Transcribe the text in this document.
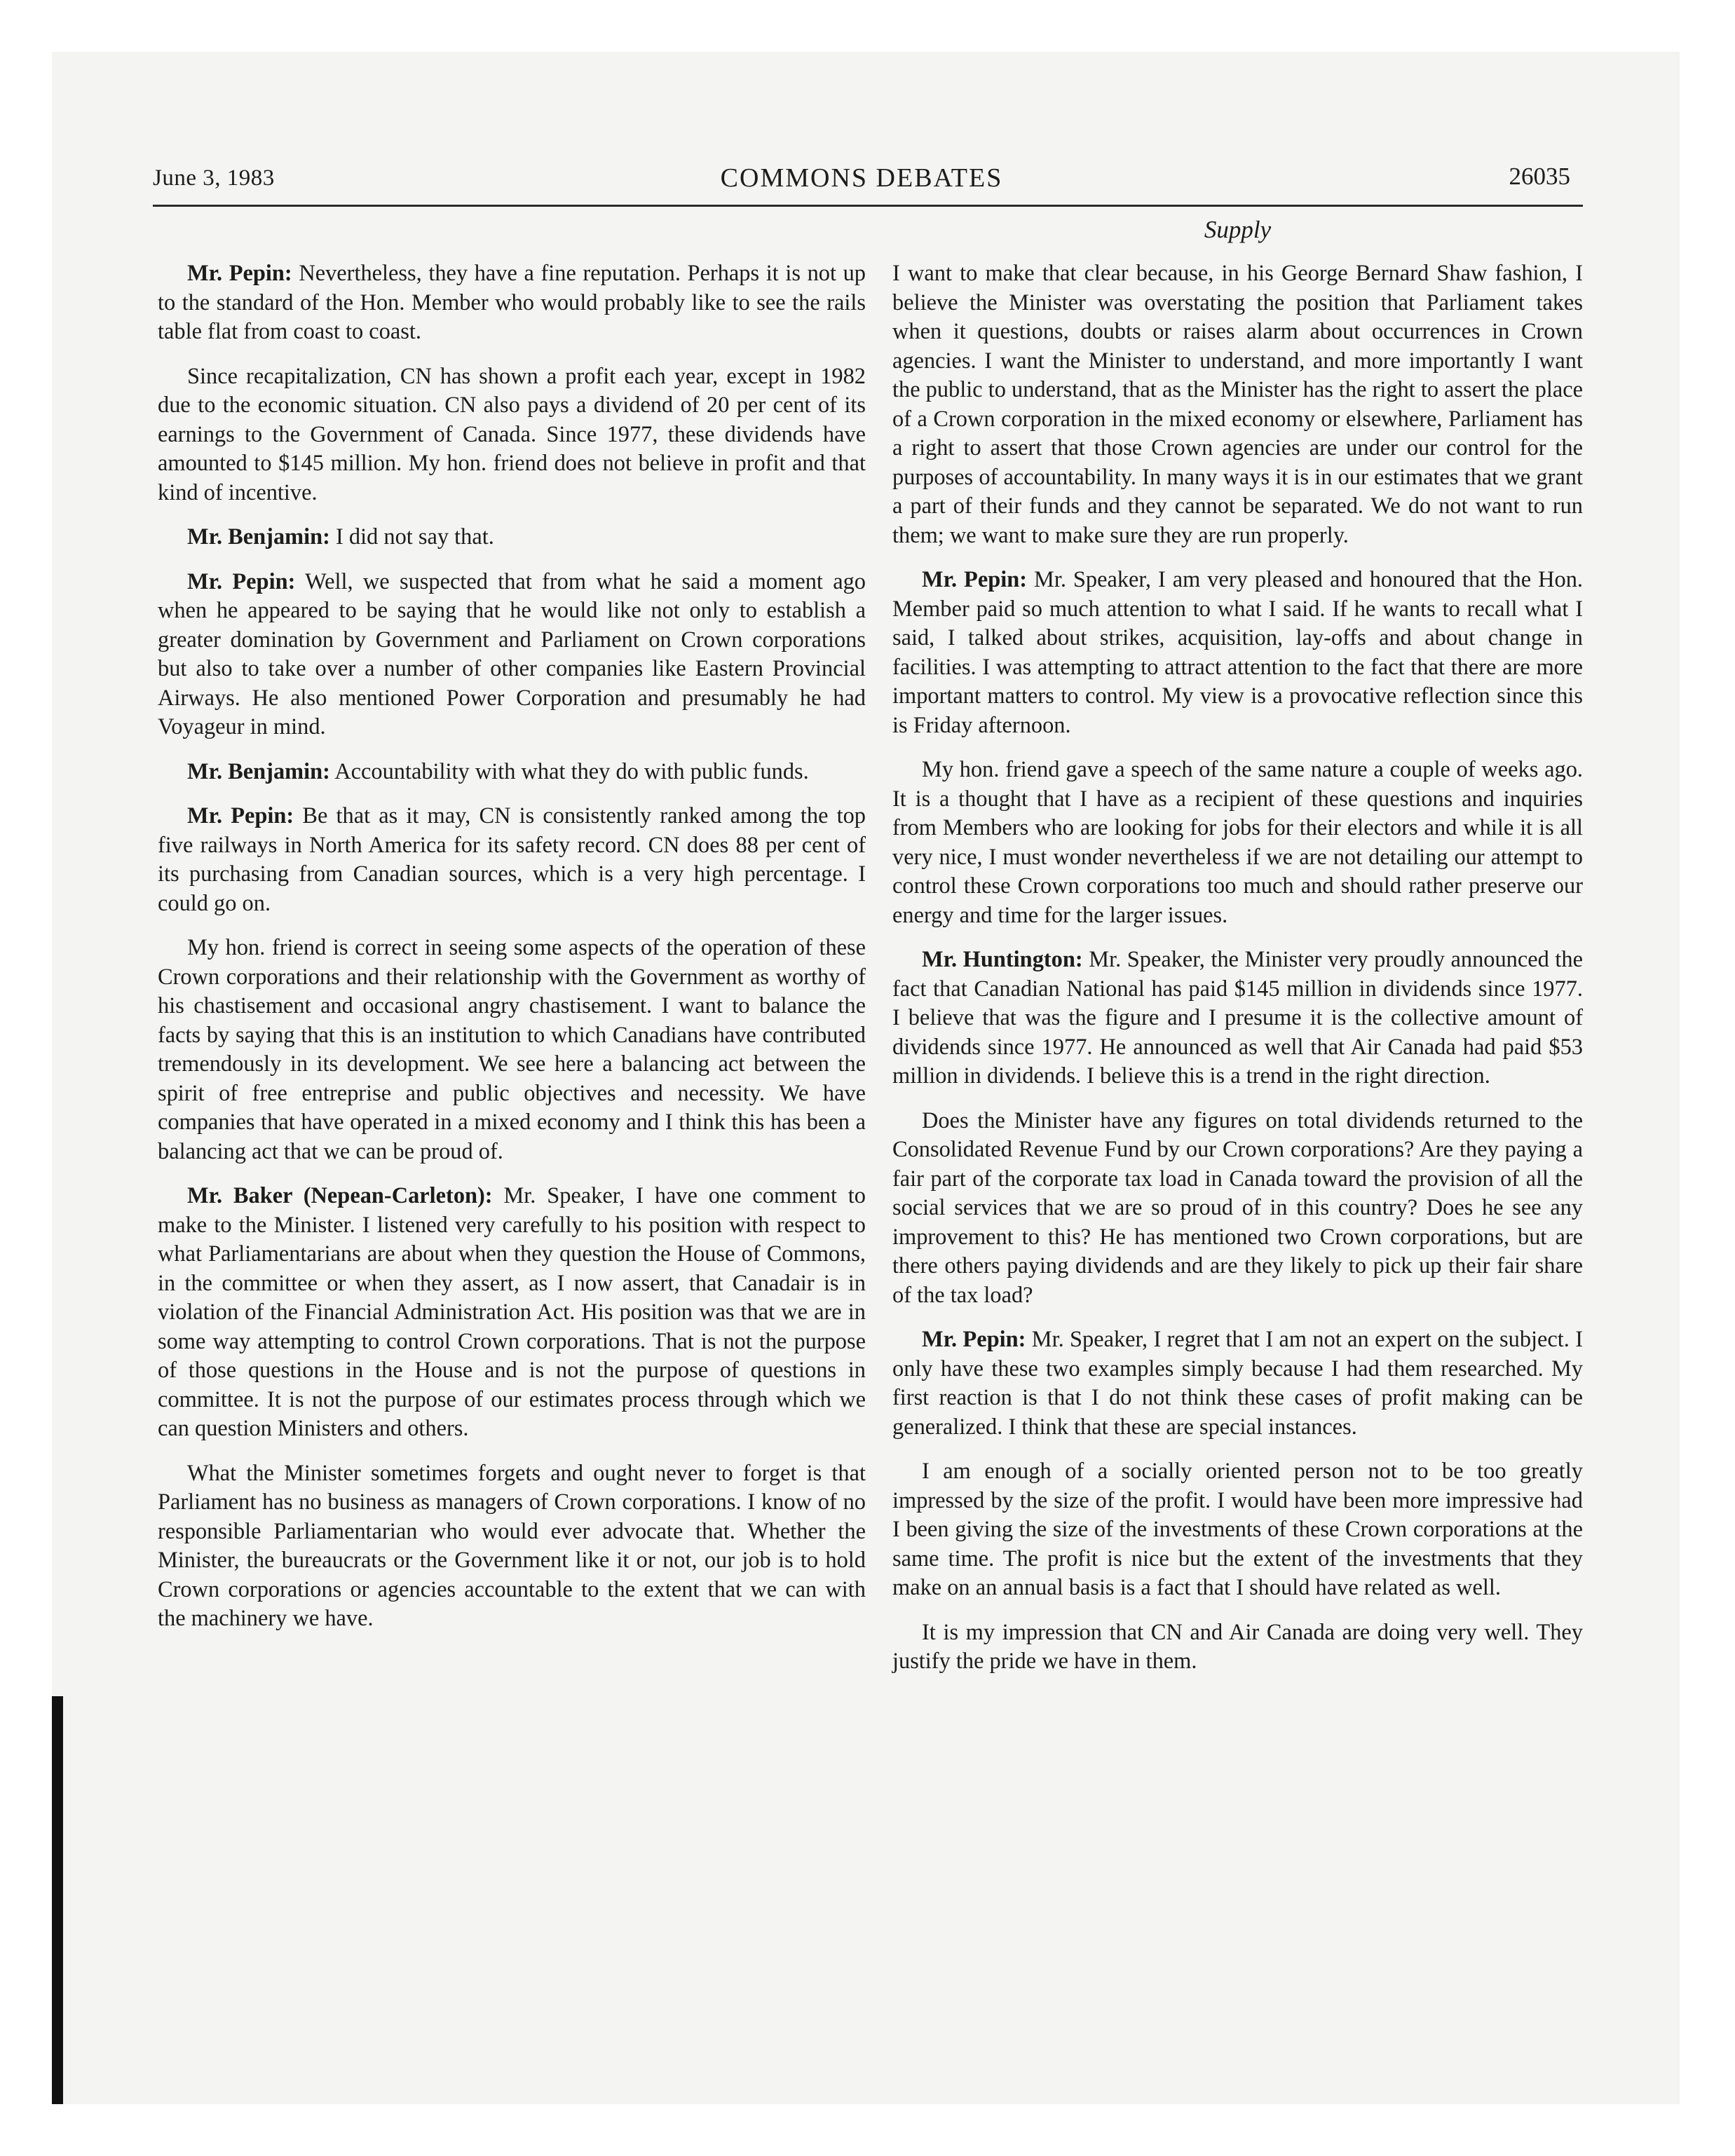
June 3, 1983	COMMONS DEBATES	26035
Supply

Mr. Pepin: Nevertheless, they have a fine reputation. Perhaps it is not up to the standard of the Hon. Member who would probably like to see the rails table flat from coast to coast.

Since recapitalization, CN has shown a profit each year, except in 1982 due to the economic situation. CN also pays a dividend of 20 per cent of its earnings to the Government of Canada. Since 1977, these dividends have amounted to $145 million. My hon. friend does not believe in profit and that kind of incentive.

Mr. Benjamin: I did not say that.

Mr. Pepin: Well, we suspected that from what he said a moment ago when he appeared to be saying that he would like not only to establish a greater domination by Government and Parliament on Crown corporations but also to take over a number of other companies like Eastern Provincial Airways. He also mentioned Power Corporation and presumably he had Voyageur in mind.

Mr. Benjamin: Accountability with what they do with public funds.

Mr. Pepin: Be that as it may, CN is consistently ranked among the top five railways in North America for its safety record. CN does 88 per cent of its purchasing from Canadian sources, which is a very high percentage. I could go on.

My hon. friend is correct in seeing some aspects of the operation of these Crown corporations and their relationship with the Government as worthy of his chastisement and occasional angry chastisement. I want to balance the facts by saying that this is an institution to which Canadians have contributed tremendously in its development. We see here a balancing act between the spirit of free entreprise and public objectives and necessity. We have companies that have operated in a mixed economy and I think this has been a balancing act that we can be proud of.

Mr. Baker (Nepean-Carleton): Mr. Speaker, I have one comment to make to the Minister. I listened very carefully to his position with respect to what Parliamentarians are about when they question the House of Commons, in the committee or when they assert, as I now assert, that Canadair is in violation of the Financial Administration Act. His position was that we are in some way attempting to control Crown corporations. That is not the purpose of those questions in the House and is not the purpose of questions in committee. It is not the purpose of our estimates process through which we can question Ministers and others.

What the Minister sometimes forgets and ought never to forget is that Parliament has no business as managers of Crown corporations. I know of no responsible Parliamentarian who would ever advocate that. Whether the Minister, the bureaucrats or the Government like it or not, our job is to hold Crown corporations or agencies accountable to the extent that we can with the machinery we have.

I want to make that clear because, in his George Bernard Shaw fashion, I believe the Minister was overstating the position that Parliament takes when it questions, doubts or raises alarm about occurrences in Crown agencies. I want the Minister to understand, and more importantly I want the public to understand, that as the Minister has the right to assert the place of a Crown corporation in the mixed economy or elsewhere, Parliament has a right to assert that those Crown agencies are under our control for the purposes of accountability. In many ways it is in our estimates that we grant a part of their funds and they cannot be separated. We do not want to run them; we want to make sure they are run properly.

Mr. Pepin: Mr. Speaker, I am very pleased and honoured that the Hon. Member paid so much attention to what I said. If he wants to recall what I said, I talked about strikes, acquisition, lay-offs and about change in facilities. I was attempting to attract attention to the fact that there are more important matters to control. My view is a provocative reflection since this is Friday afternoon.

My hon. friend gave a speech of the same nature a couple of weeks ago. It is a thought that I have as a recipient of these questions and inquiries from Members who are looking for jobs for their electors and while it is all very nice, I must wonder nevertheless if we are not detailing our attempt to control these Crown corporations too much and should rather preserve our energy and time for the larger issues.

Mr. Huntington: Mr. Speaker, the Minister very proudly announced the fact that Canadian National has paid $145 million in dividends since 1977. I believe that was the figure and I presume it is the collective amount of dividends since 1977. He announced as well that Air Canada had paid $53 million in dividends. I believe this is a trend in the right direction.

Does the Minister have any figures on total dividends returned to the Consolidated Revenue Fund by our Crown corporations? Are they paying a fair part of the corporate tax load in Canada toward the provision of all the social services that we are so proud of in this country? Does he see any improvement to this? He has mentioned two Crown corporations, but are there others paying dividends and are they likely to pick up their fair share of the tax load?

Mr. Pepin: Mr. Speaker, I regret that I am not an expert on the subject. I only have these two examples simply because I had them researched. My first reaction is that I do not think these cases of profit making can be generalized. I think that these are special instances.

I am enough of a socially oriented person not to be too greatly impressed by the size of the profit. I would have been more impressive had I been giving the size of the investments of these Crown corporations at the same time. The profit is nice but the extent of the investments that they make on an annual basis is a fact that I should have related as well.

It is my impression that CN and Air Canada are doing very well. They justify the pride we have in them.
